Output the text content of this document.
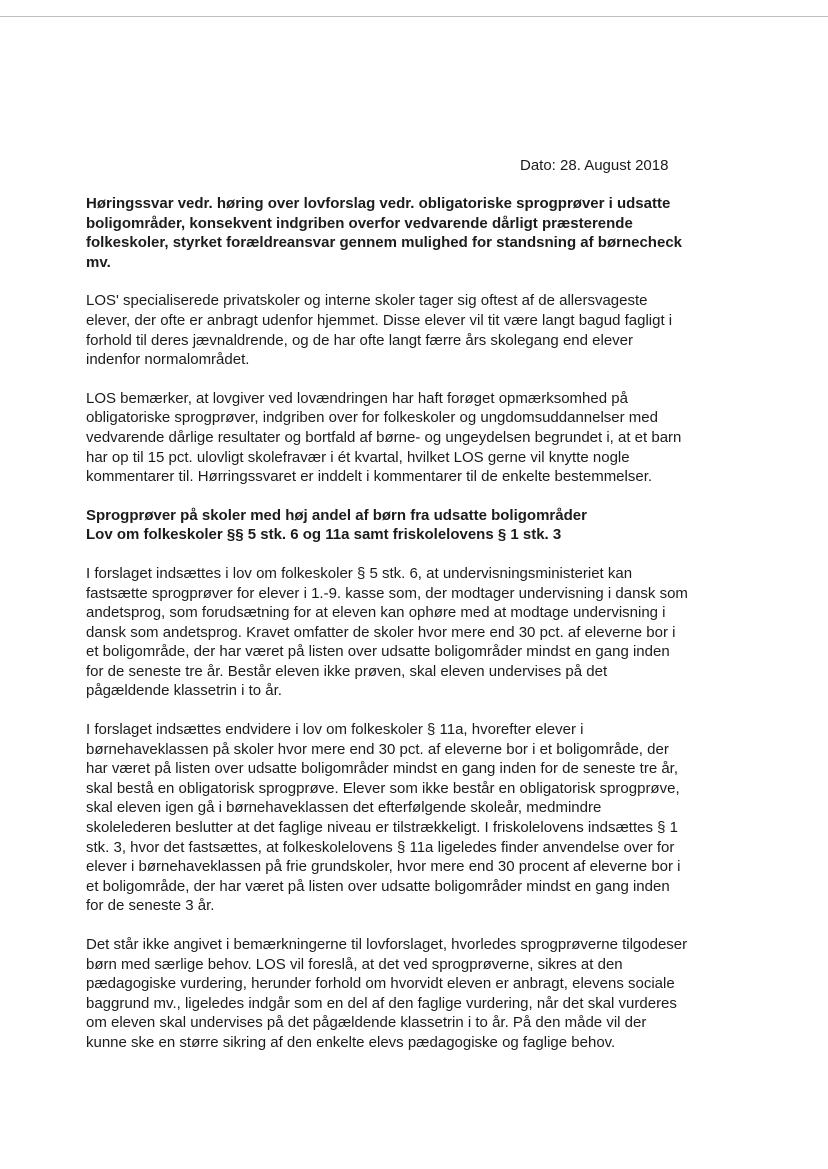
Dato: 28. August 2018

Høringssvar vedr. høring over lovforslag vedr. obligatoriske sprogprøver i udsatte
boligområder, konsekvent indgriben overfor vedvarende dårligt præsterende
folkeskoler, styrket forældreansvar gennem mulighed for standsning af børnecheck
mv.

LOS' specialiserede privatskoler og interne skoler tager sig oftest af de allersvageste
elever, der ofte er anbragt udenfor hjemmet. Disse elever vil tit være langt bagud fagligt i
forhold til deres jævnaldrende, og de har ofte langt færre års skolegang end elever
indenfor normalområdet.

LOS bemærker, at lovgiver ved lovændringen har haft forøget opmærksomhed på
obligatoriske sprogprøver, indgriben over for folkeskoler og ungdomsuddannelser med
vedvarende dårlige resultater og bortfald af børne- og ungeydelsen begrundet i, at et barn
har op til 15 pct. ulovligt skolefravær i ét kvartal, hvilket LOS gerne vil knytte nogle
kommentarer til. Hørringssvaret er inddelt i kommentarer til de enkelte bestemmelser.

Sprogprøver på skoler med høj andel af børn fra udsatte boligområder
Lov om folkeskoler §§ 5 stk. 6 og 11a samt friskolelovens § 1 stk. 3

I forslaget indsættes i lov om folkeskoler § 5 stk. 6, at undervisningsministeriet kan
fastsætte sprogprøver for elever i 1.-9. kasse som, der modtager undervisning i dansk som
andetsprog, som forudsætning for at eleven kan ophøre med at modtage undervisning i
dansk som andetsprog. Kravet omfatter de skoler hvor mere end 30 pct. af eleverne bor i
et boligområde, der har været på listen over udsatte boligområder mindst en gang inden
for de seneste tre år. Består eleven ikke prøven, skal eleven undervises på det
pågældende klassetrin i to år.

I forslaget indsættes endvidere i lov om folkeskoler § 11a, hvorefter elever i
børnehaveklassen på skoler hvor mere end 30 pct. af eleverne bor i et boligområde, der
har været på listen over udsatte boligområder mindst en gang inden for de seneste tre år,
skal bestå en obligatorisk sprogprøve. Elever som ikke består en obligatorisk sprogprøve,
skal eleven igen gå i børnehaveklassen det efterfølgende skoleår, medmindre
skolelederen beslutter at det faglige niveau er tilstrækkeligt. I friskolelovens indsættes § 1
stk. 3, hvor det fastsættes, at folkeskolelovens § 11a ligeledes finder anvendelse over for
elever i børnehaveklassen på frie grundskoler, hvor mere end 30 procent af eleverne bor i
et boligområde, der har været på listen over udsatte boligområder mindst en gang inden
for de seneste 3 år.

Det står ikke angivet i bemærkningerne til lovforslaget, hvorledes sprogprøverne tilgodeser
børn med særlige behov. LOS vil foreslå, at det ved sprogprøverne, sikres at den
pædagogiske vurdering, herunder forhold om hvorvidt eleven er anbragt, elevens sociale
baggrund mv., ligeledes indgår som en del af den faglige vurdering, når det skal vurderes
om eleven skal undervises på det pågældende klassetrin i to år. På den måde vil der
kunne ske en større sikring af den enkelte elevs pædagogiske og faglige behov.
